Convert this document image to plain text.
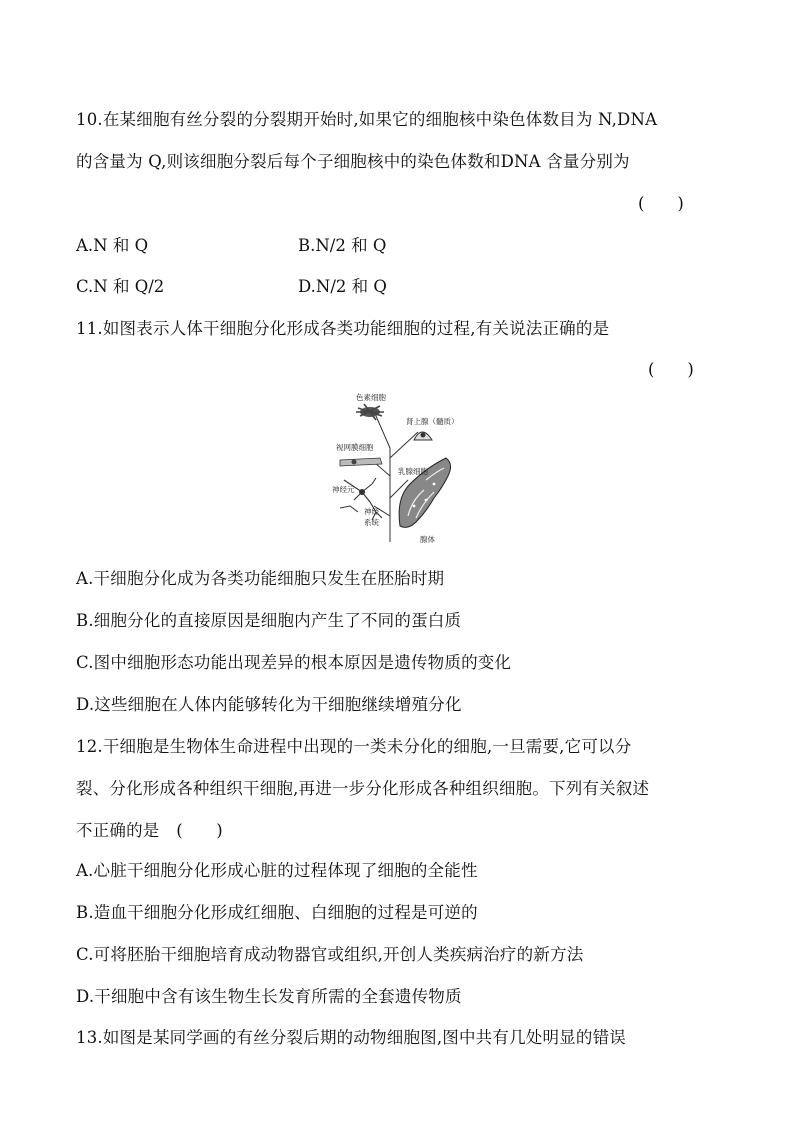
10.在某细胞有丝分裂的分裂期开始时,如果它的细胞核中染色体数目为 N,DNA
的含量为 Q,则该细胞分裂后每个子细胞核中的染色体数和DNA 含量分别为
(　　)
A.N 和 Q	B.N/2 和 Q
C.N 和 Q/2	D.N/2 和 Q
11.如图表示人体干细胞分化形成各类功能细胞的过程,有关说法正确的是
(　　)
色素细胞
肾上腺（髓质）
视网膜细胞
乳腺细胞
神经元
神经
系统
腺体
A.干细胞分化成为各类功能细胞只发生在胚胎时期
B.细胞分化的直接原因是细胞内产生了不同的蛋白质
C.图中细胞形态功能出现差异的根本原因是遗传物质的变化
D.这些细胞在人体内能够转化为干细胞继续增殖分化
12.干细胞是生物体生命进程中出现的一类未分化的细胞,一旦需要,它可以分
裂、分化形成各种组织干细胞,再进一步分化形成各种组织细胞。下列有关叙述
不正确的是　(　　)
A.心脏干细胞分化形成心脏的过程体现了细胞的全能性
B.造血干细胞分化形成红细胞、白细胞的过程是可逆的
C.可将胚胎干细胞培育成动物器官或组织,开创人类疾病治疗的新方法
D.干细胞中含有该生物生长发育所需的全套遗传物质
13.如图是某同学画的有丝分裂后期的动物细胞图,图中共有几处明显的错误
